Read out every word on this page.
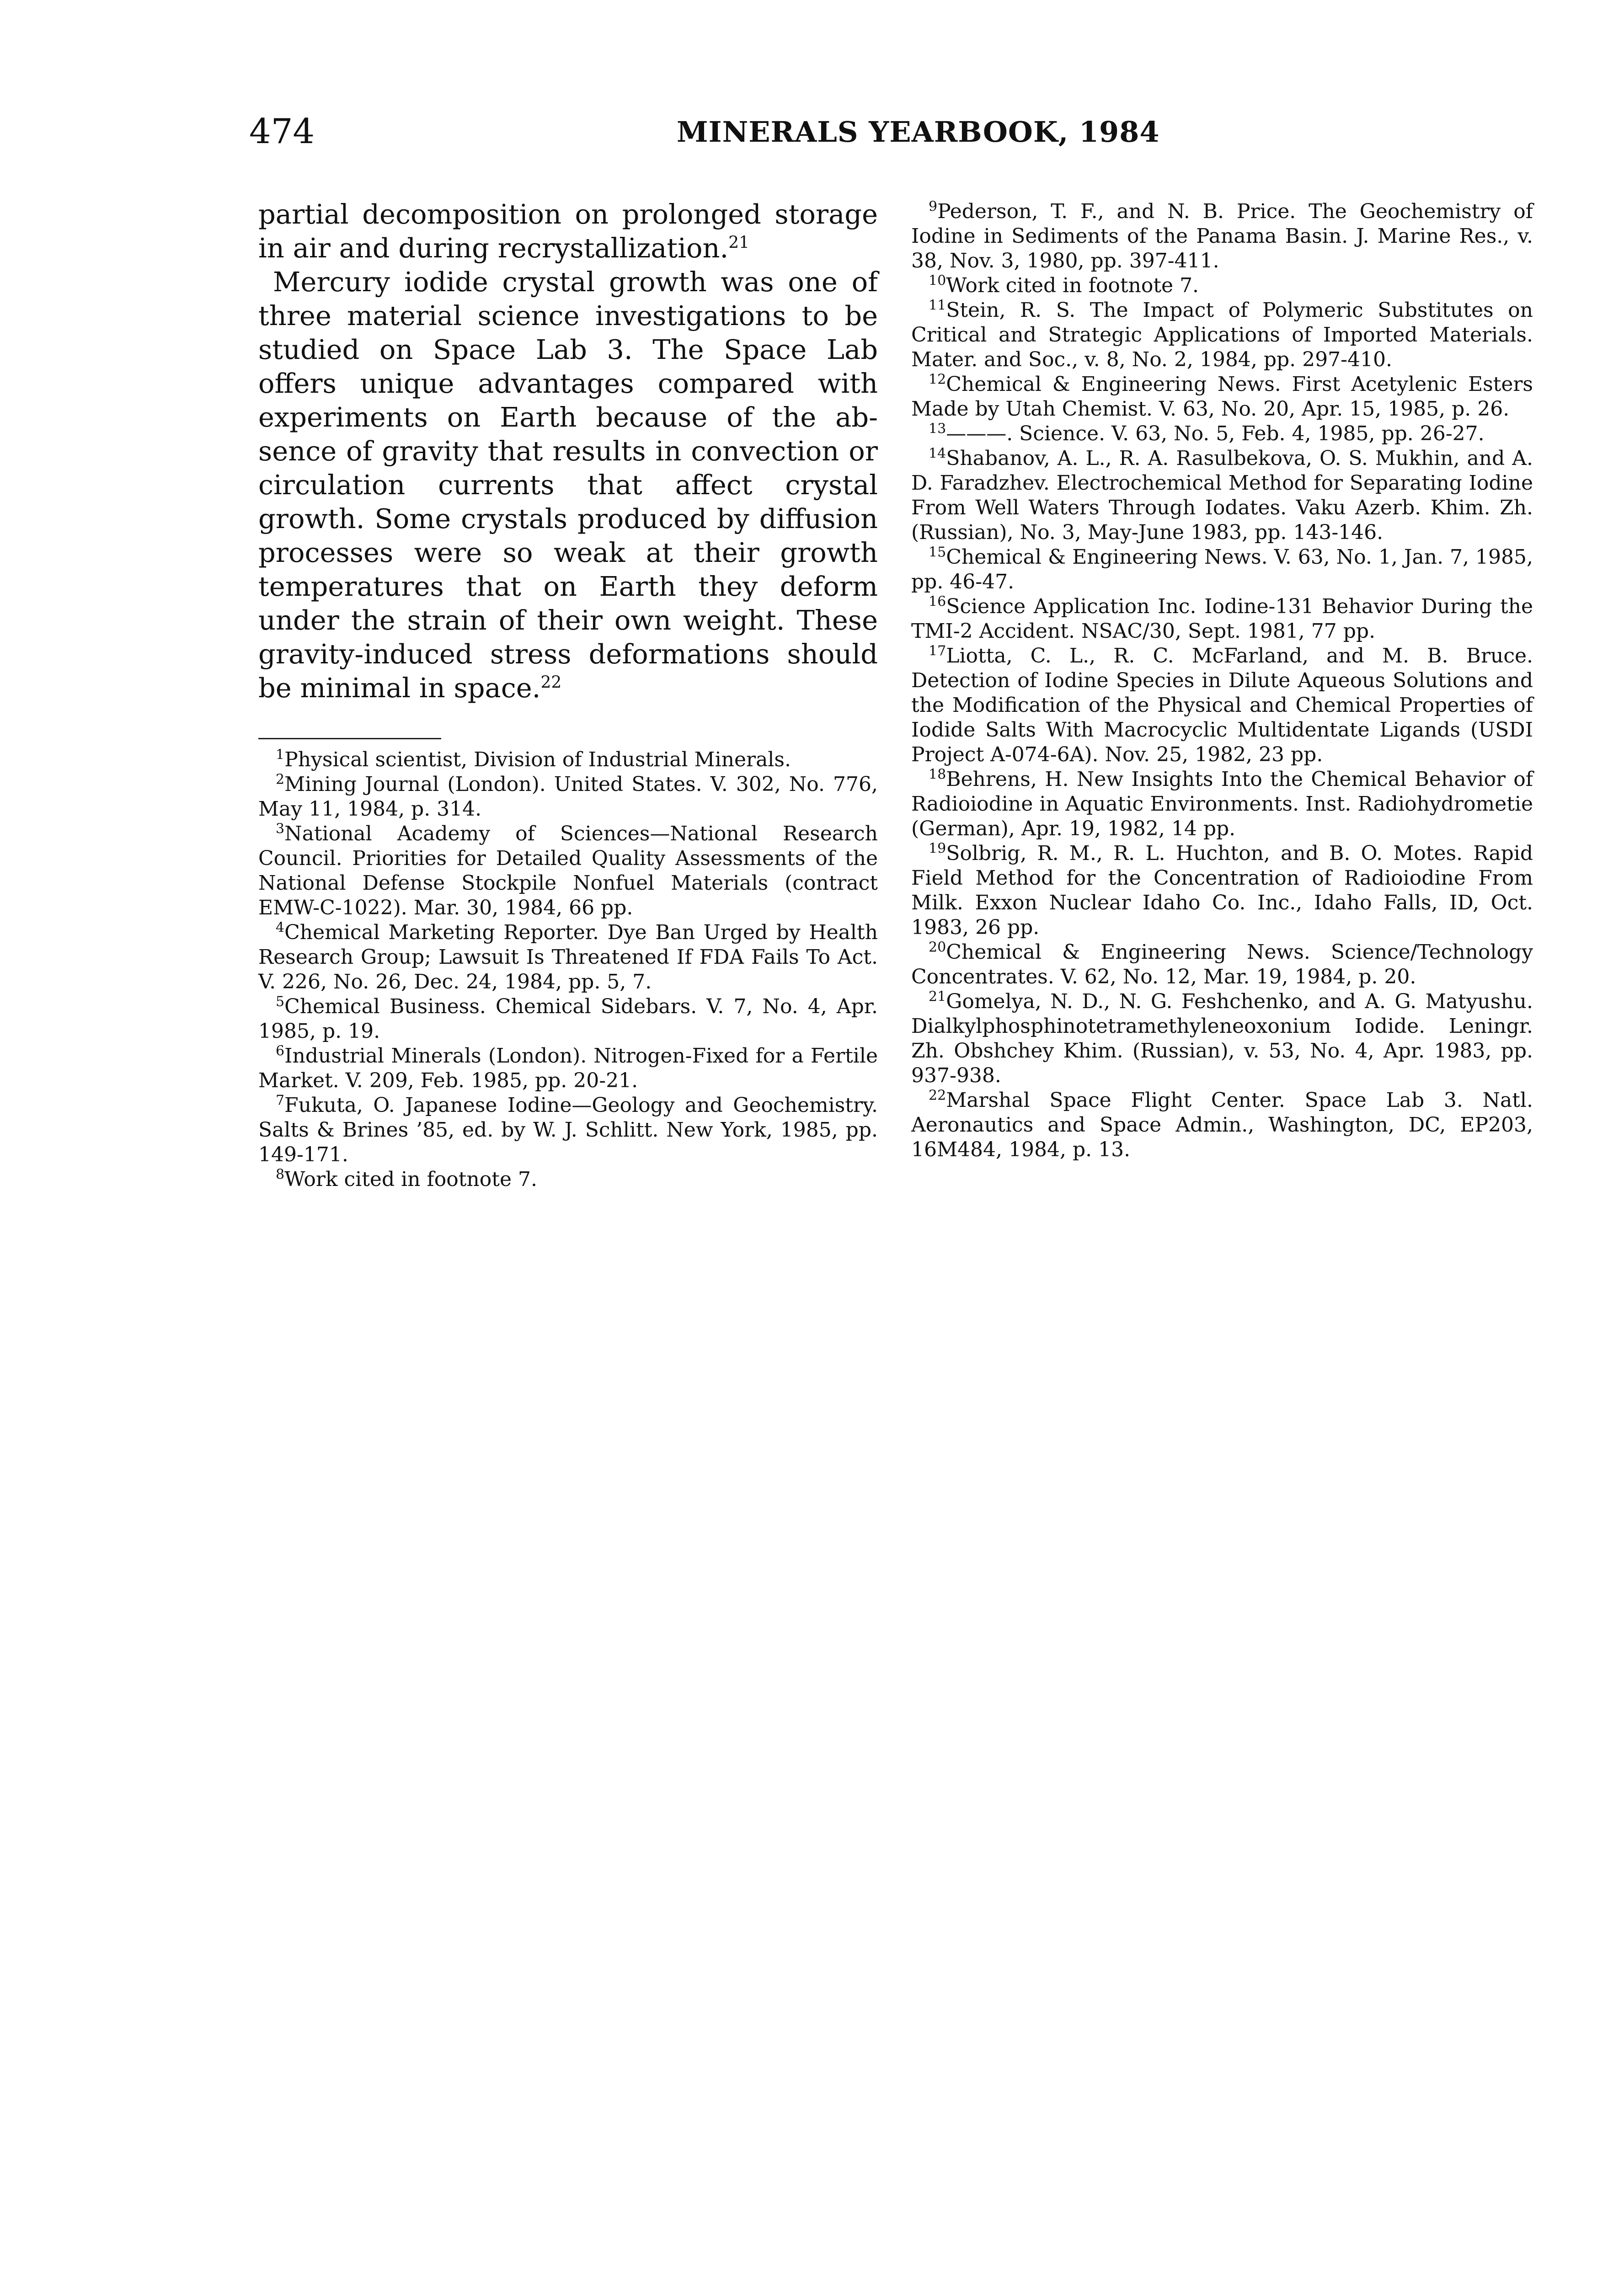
474	MINERALS YEARBOOK, 1984

partial decomposition on prolonged storage in air and during recrystallization.$^{21}$

Mercury iodide crystal growth was one of three material science investigations to be studied on Space Lab 3. The Space Lab offers unique advantages compared with experiments on Earth because of the absence of gravity that results in convection or circulation currents that affect crystal growth. Some crystals produced by diffusion processes were so weak at their growth temperatures that on Earth they deform under the strain of their own weight. These gravity-induced stress deformations should be minimal in space.$^{22}$

$^1$Physical scientist, Division of Industrial Minerals.

$^2$Mining Journal (London). United States. V. 302, No. 776, May 11, 1984, p. 314.

$^3$National Academy of Sciences—National Research Council. Priorities for Detailed Quality Assessments of the National Defense Stockpile Nonfuel Materials (contract EMW-C-1022). Mar. 30, 1984, 66 pp.

$^4$Chemical Marketing Reporter. Dye Ban Urged by Health Research Group; Lawsuit Is Threatened If FDA Fails To Act. V. 226, No. 26, Dec. 24, 1984, pp. 5, 7.

$^5$Chemical Business. Chemical Sidebars. V. 7, No. 4, Apr. 1985, p. 19.

$^6$Industrial Minerals (London). Nitrogen-Fixed for a Fertile Market. V. 209, Feb. 1985, pp. 20-21.

$^7$Fukuta, O. Japanese Iodine—Geology and Geochemistry. Salts & Brines ’85, ed. by W. J. Schlitt. New York, 1985, pp. 149-171.

$^8$Work cited in footnote 7.

$^9$Pederson, T. F., and N. B. Price. The Geochemistry of Iodine in Sediments of the Panama Basin. J. Marine Res., v. 38, Nov. 3, 1980, pp. 397-411.

$^{10}$Work cited in footnote 7.

$^{11}$Stein, R. S. The Impact of Polymeric Substitutes on Critical and Strategic Applications of Imported Materials. Mater. and Soc., v. 8, No. 2, 1984, pp. 297-410.

$^{12}$Chemical & Engineering News. First Acetylenic Esters Made by Utah Chemist. V. 63, No. 20, Apr. 15, 1985, p. 26.

$^{13}$———. Science. V. 63, No. 5, Feb. 4, 1985, pp. 26-27.

$^{14}$Shabanov, A. L., R. A. Rasulbekova, O. S. Mukhin, and A. D. Faradzhev. Electrochemical Method for Separating Iodine From Well Waters Through Iodates. Vaku Azerb. Khim. Zh. (Russian), No. 3, May-June 1983, pp. 143-146.

$^{15}$Chemical & Engineering News. V. 63, No. 1, Jan. 7, 1985, pp. 46-47.

$^{16}$Science Application Inc. Iodine-131 Behavior During the TMI-2 Accident. NSAC/30, Sept. 1981, 77 pp.

$^{17}$Liotta, C. L., R. C. McFarland, and M. B. Bruce. Detection of Iodine Species in Dilute Aqueous Solutions and the Modification of the Physical and Chemical Properties of Iodide Salts With Macrocyclic Multidentate Ligands (USDI Project A-074-6A). Nov. 25, 1982, 23 pp.

$^{18}$Behrens, H. New Insights Into the Chemical Behavior of Radioiodine in Aquatic Environments. Inst. Radiohydrometie (German), Apr. 19, 1982, 14 pp.

$^{19}$Solbrig, R. M., R. L. Huchton, and B. O. Motes. Rapid Field Method for the Concentration of Radioiodine From Milk. Exxon Nuclear Idaho Co. Inc., Idaho Falls, ID, Oct. 1983, 26 pp.

$^{20}$Chemical & Engineering News. Science/Technology Concentrates. V. 62, No. 12, Mar. 19, 1984, p. 20.

$^{21}$Gomelya, N. D., N. G. Feshchenko, and A. G. Matyushu. Dialkylphosphinotetramethyleneoxonium Iodide. Leningr. Zh. Obshchey Khim. (Russian), v. 53, No. 4, Apr. 1983, pp. 937-938.

$^{22}$Marshal Space Flight Center. Space Lab 3. Natl. Aeronautics and Space Admin., Washington, DC, EP203, 16M484, 1984, p. 13.
